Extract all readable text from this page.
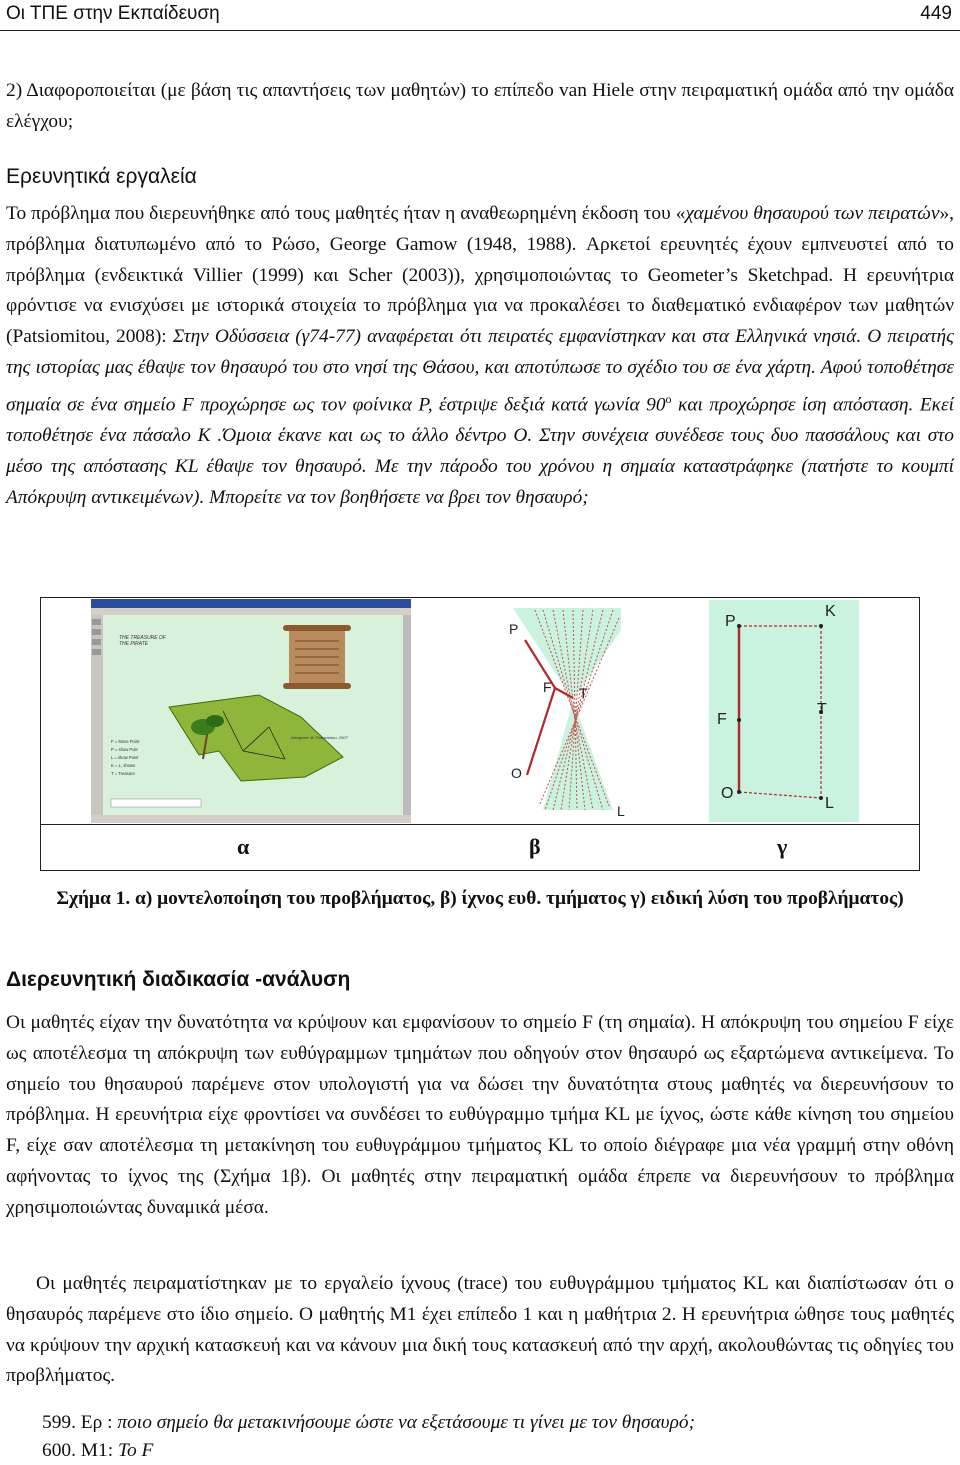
Οι ΤΠΕ στην Εκπαίδευση	449

2) Διαφοροποιείται (με βάση τις απαντήσεις των μαθητών) το επίπεδο van Hiele στην πειραματική ομάδα από την ομάδα ελέγχου;

Ερευνητικά εργαλεία

Το πρόβλημα που διερευνήθηκε από τους μαθητές ήταν η αναθεωρημένη έκδοση του «χαμένου θησαυρού των πειρατών», πρόβλημα διατυπωμένο από το Ρώσο, George Gamow (1948, 1988). Αρκετοί ερευνητές έχουν εμπνευστεί από το πρόβλημα (ενδεικτικά Villier (1999) και Scher (2003)), χρησιμοποιώντας το Geometer’s Sketchpad. Η ερευνήτρια φρόντισε να ενισχύσει με ιστορικά στοιχεία το πρόβλημα για να προκαλέσει το διαθεματικό ενδιαφέρον των μαθητών (Patsiomitou, 2008): Στην Οδύσσεια (γ74-77) αναφέρεται ότι πειρατές εμφανίστηκαν και στα Ελληνικά νησιά. Ο πειρατής της ιστορίας μας έθαψε τον θησαυρό του στο νησί της Θάσου, και αποτύπωσε το σχέδιο του σε ένα χάρτη. Αφού τοποθέτησε σημαία σε ένα σημείο F προχώρησε ως τον φοίνικα P, έστριψε δεξιά κατά γωνία $90^o$ και προχώρησε ίση απόσταση. Εκεί τοποθέτησε ένα πάσαλο Κ .Όμοια έκανε και ως το άλλο δέντρο Ο. Στην συνέχεια συνέδεσε τους δυο πασσάλους και στο μέσο της απόστασης KL έθαψε τον θησαυρό. Με την πάροδο του χρόνου η σημαία καταστράφηκε (πατήστε το κουμπί Απόκρυψη αντικειμένων). Μπορείτε να τον βοηθήσετε να βρει τον θησαυρό;

THE TREASURE OF
THE PIRATE
F = Move Point
P = show Pole
L = show Point
K = L, shows
T = Treasure
Designed: M. Patsiomitou, 2007
P
F T
O
L
P
K
F
T
O
L
α	β	γ
Σχήμα 1. α) μοντελοποίηση του προβλήματος, β) ίχνος ευθ. τμήματος γ) ειδική λύση του προβλήματος)
Διερευνητική διαδικασία -ανάλυση

Οι μαθητές είχαν την δυνατότητα να κρύψουν και εμφανίσουν το σημείο F (τη σημαία). Η απόκρυψη του σημείου F είχε ως αποτέλεσμα τη απόκρυψη των ευθύγραμμων τμημάτων που οδηγούν στον θησαυρό ως εξαρτώμενα αντικείμενα. Το σημείο του θησαυρού παρέμενε στον υπολογιστή για να δώσει την δυνατότητα στους μαθητές να διερευνήσουν το πρόβλημα. Η ερευνήτρια είχε φροντίσει να συνδέσει το ευθύγραμμο τμήμα KL με ίχνος, ώστε κάθε κίνηση του σημείου F, είχε σαν αποτέλεσμα τη μετακίνηση του ευθυγράμμου τμήματος KL το οποίο διέγραφε μια νέα γραμμή στην οθόνη αφήνοντας το ίχνος της (Σχήμα 1β). Οι μαθητές στην πειραματική ομάδα έπρεπε να διερευνήσουν το πρόβλημα χρησιμοποιώντας δυναμικά μέσα.

Οι μαθητές πειραματίστηκαν με το εργαλείο ίχνους (trace) του ευθυγράμμου τμήματος KL και διαπίστωσαν ότι ο θησαυρός παρέμενε στο ίδιο σημείο. Ο μαθητής Μ1 έχει επίπεδο 1 και η μαθήτρια 2. Η ερευνήτρια ώθησε τους μαθητές να κρύψουν την αρχική κατασκευή και να κάνουν μια δική τους κατασκευή από την αρχή, ακολουθώντας τις οδηγίες του προβλήματος.

599. Ερ : ποιο σημείο θα μετακινήσουμε ώστε να εξετάσουμε τι γίνει με τον θησαυρό;
600. Μ1: Το F
